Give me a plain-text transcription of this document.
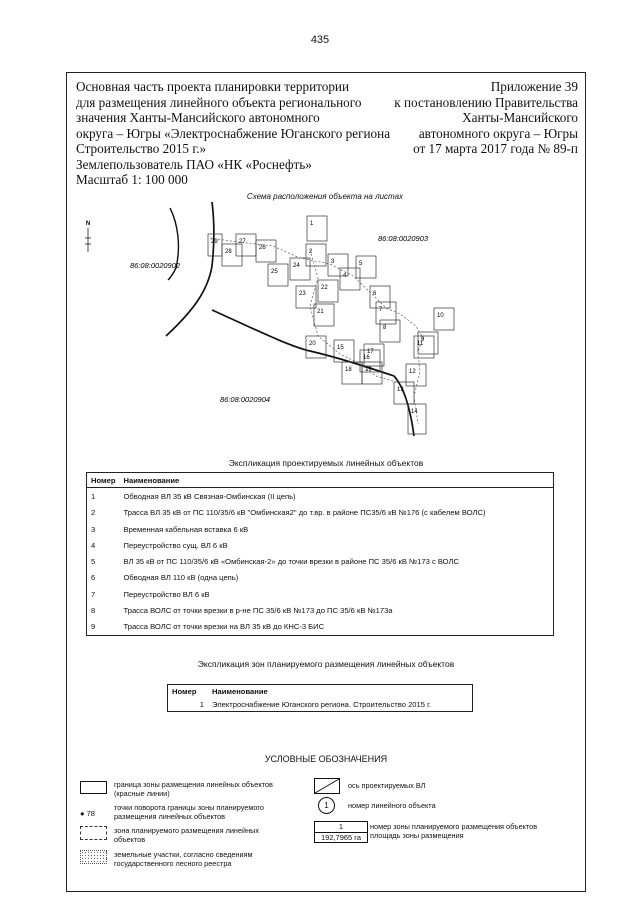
435
Основная часть проекта планировки территории
для размещения линейного объекта регионального
значения Ханты-Мансийского автономного
округа – Югры «Электроснабжение Юганского региона
Строительство 2015 г.»
Землепользователь ПАО «НК «Роснефть»
Масштаб 1: 100 000
Приложение 39
к постановлению Правительства
Ханты-Мансийского
автономного округа – Югры
от 17 марта 2017 года № 89-п
Схема расположения объекта на листах
N
86:08:0020902
86:08:0020903
86:08:0020904
1
2
3
4
5
6
7
8
9
10
11
12
13
14
15
16
17
18 19
20
21
22
23
24
25
26
27
28
29
Экспликация проектируемых линейных объектов
Номер	Наименование
1	Обводная ВЛ 35 кВ Связная-Омбинская (II цепь)
2	Трасса ВЛ 35 кВ от ПС 110/35/6 кВ "Омбинская2" до т.вр. в районе ПС35/6 кВ №176 (с кабелем ВОЛС)
3	Временная кабельная вставка 6 кВ
4	Переустройство сущ. ВЛ 6 кВ
5	ВЛ 35 кВ от ПС 110/35/6 кВ «Омбинская-2» до точки врезки в районе ПС 35/6 кВ №173 с ВОЛС
6	Обводная ВЛ 110 кВ (одна цепь)
7	Переустройство ВЛ 6 кВ
8	Трасса ВОЛС от точки врезки в р-не ПС 35/6 кВ №173 до ПС 35/6 кВ №173а
9	Трасса ВОЛС от точки врезки на ВЛ 35 кВ до КНС-3 БИС
Экспликация зон планируемого размещения линейных объектов
Номер	Наименование
1	Электроснабжение Юганского региона. Строительство 2015 г.
УСЛОВНЫЕ ОБОЗНАЧЕНИЯ
граница зоны размещения линейных объектов (красные линии)
● 78
точки поворота границы зоны планируемого размещения линейных объектов
зона планируемого размещения линейных объектов
земельные участки, согласно сведениям государственного лесного реестра
ось проектируемых ВЛ
1	номер линейного объекта
1
192,7965 га
номер зоны планируемого размещения объектов
площадь зоны размещения
